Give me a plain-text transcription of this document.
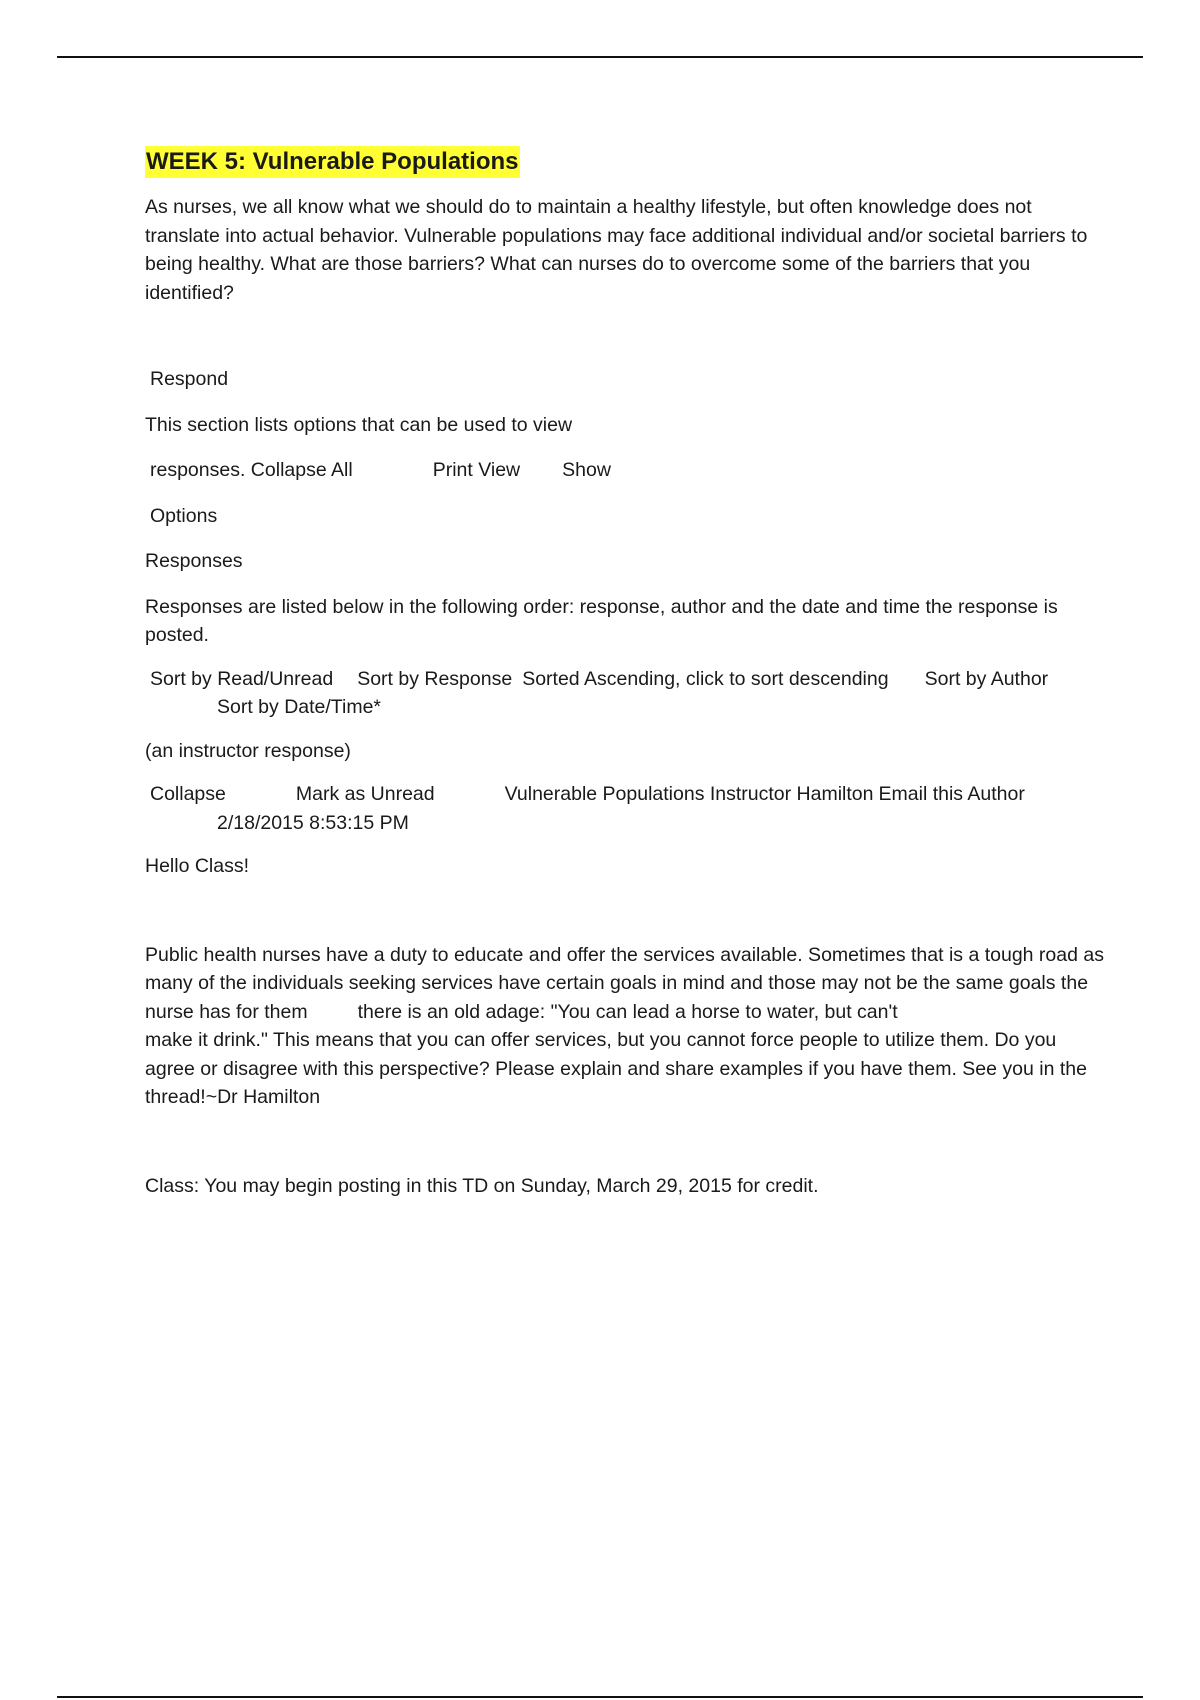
WEEK 5: Vulnerable Populations

As nurses, we all know what we should do to maintain a healthy lifestyle, but often knowledge does not translate into actual behavior. Vulnerable populations may face additional individual and/or societal barriers to being healthy. What are those barriers? What can nurses do to overcome some of the barriers that you identified?

Respond

This section lists options that can be used to view

responses. Collapse All	Print View Show

Options

Responses

Responses are listed below in the following order: response, author and the date and time the response is posted.

Sort by Read/Unread Sort by Response Sorted Ascending, click to sort descending Sort by Author

Sort by Date/Time*

(an instructor response)

Collapse	Mark as Unread	Vulnerable Populations Instructor Hamilton Email this Author

2/18/2015 8:53:15 PM

Hello Class!

Public health nurses have a duty to educate and offer the services available. Sometimes that is a tough road as many of the individuals seeking services have certain goals in mind and those may not be the same goals the nurse has for them	there is an old adage: "You can lead a horse to water, but can't

make it drink." This means that you can offer services, but you cannot force people to utilize them. Do you agree or disagree with this perspective? Please explain and share examples if you have them. See you in the thread!~Dr Hamilton

Class: You may begin posting in this TD on Sunday, March 29, 2015 for credit.
